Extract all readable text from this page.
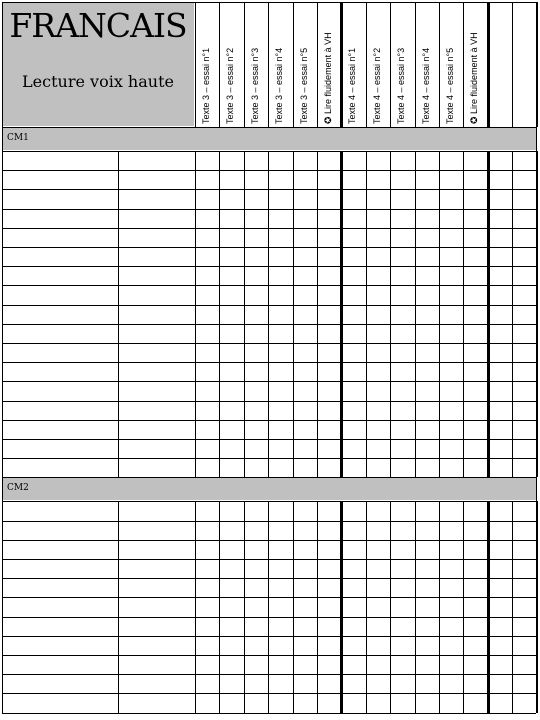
FRANCAIS
Lecture voix haute	Texte 3 – essai n°1 Texte 3 – essai n°2 Texte 3 – essai n°3 Texte 3 – essai n°4 Texte 3 – essai n°5 ✪ Lire fluidement à VH Texte 4 – essai n°1 Texte 4 – essai n°2 Texte 4 – essai n°3 Texte 4 – essai n°4 Texte 4 – essai n°5 ✪ Lire fluidement à VH
CM1
CM2
